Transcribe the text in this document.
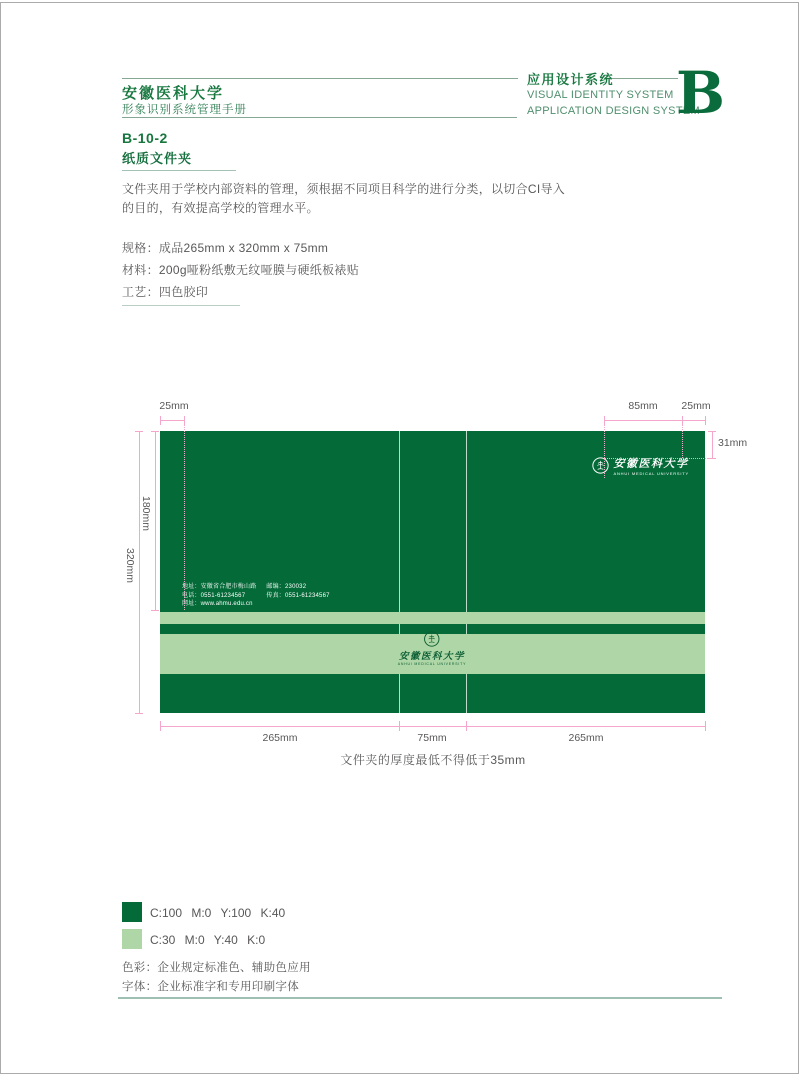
安徽医科大学
形象识别系统管理手册
应用设计系统
VISUAL IDENTITY SYSTEM
APPLICATION DESIGN SYSTEM
B
B-10-2
纸质文件夹
文件夹用于学校内部资料的管理，须根据不同项目科学的进行分类，以切合CI导入的目的，有效提高学校的管理水平。
规格：成品265mm x 320mm x 75mm
材料：200g哑粉纸敷无纹哑膜与硬纸板裱贴
工艺：四色胶印
地址：安徽省合肥市梅山路
电话：0551-61234567
网址：www.ahmu.edu.cn
邮编：230032
传真：0551-61234567
安徽医科大学
ANHUI MEDICAL UNIVERSITY
安徽医科大学
ANHUI MEDICAL UNIVERSITY
25mm	85mm	25mm
31mm
320mm
180mm
265mm	75mm	265mm
文件夹的厚度最低不得低于35mm
C:100 M:0 Y:100 K:40
C:30 M:0 Y:40 K:0
色彩：企业规定标准色、辅助色应用
字体：企业标准字和专用印刷字体
